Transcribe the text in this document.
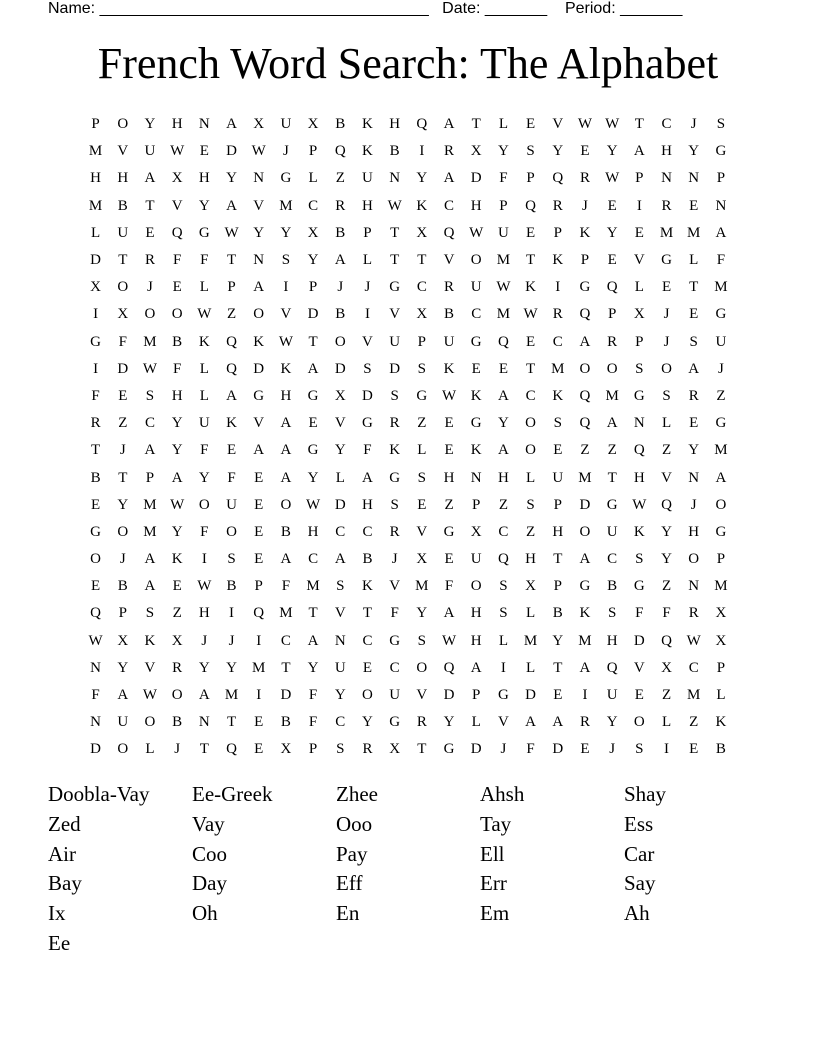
Name: _____________________________________ Date: _______ Period: _______
French Word Search: The Alphabet
P	O	Y	H	N	A	X	U	X	B	K	H	Q	A	T	L	E	V W W	T	C	J	S
M	V	U W	E	D W	J	P	Q	K	B	I	R	X	Y	S	Y	E	Y	A	H	Y	G
H	H	A	X	H	Y	N	G	L	Z	U	N	Y	A	D	F	P	Q	R	W	P	N	N	P
M	B	T	V	Y	A	V	M	C	R	H W K	C	H	P	Q	R	J	E	I	R	E	N
L	U	E	Q	G W Y	Y	X	B	P	T	X	Q W U	E	P	K	Y	E	M M	A
D	T	R	F	F	T	N	S	Y	A	L	T	T	V	O	M	T	K	P	E	V	G	L	F
X	O	J	E	L	P	A	I	P	J	J	G	C	R	U W K	I	G	Q	L	E	T	M
I	X	O	O W	Z	O	V	D	B	I	V	X	B	C	M W	R	Q	P	X	J	E	G
G	F	M	B	K	Q	K W	T	O	V	U	P	U	G	Q	E	C	A	R	P	J	S	U
I	D W	F	L	Q	D	K	A	D	S	D	S	K	E	E	T	M	O	O	S	O	A	J
F	E	S	H	L	A	G	H	G	X	D	S	G W K	A	C	K	Q	M	G	S	R	Z
R	Z	C	Y	U	K	V	A	E	V	G	R	Z	E	G	Y	O	S	Q	A	N	L	E	G
T	J	A	Y	F	E	A	A	G	Y	F	K	L	E	K	A	O	E	Z	Z	Q	Z	Y	M
B	T	P	A	Y	F	E	A	Y	L	A	G	S	H	N	H	L	U	M	T	H	V	N	A
E	Y	M W O	U	E	O W D	H	S	E	Z	P	Z	S	P	D	G W Q	J	O
G	O	M	Y	F	O	E	B	H	C	C	R	V	G	X	C	Z	H	O	U	K	Y	H	G
O	J	A	K	I	S	E	A	C	A	B	J	X	E	U	Q	H	T	A	C	S	Y	O	P
E	B	A	E	W	B	P	F	M	S	K	V	M	F	O	S	X	P	G	B	G	Z	N	M
Q	P	S	Z	H	I	Q	M	T	V	T	F	Y	A	H	S	L	B	K	S	F	F	R	X
W X	K	X	J	J	I	C	A	N	C	G	S	W H	L	M	Y	M	H	D	Q W X
N	Y	V	R	Y	Y	M	T	Y	U	E	C	O	Q	A	I	L	T	A	Q	V	X	C	P
F	A W O	A	M	I	D	F	Y	O	U	V	D	P	G	D	E	I	U	E	Z	M	L
N	U	O	B	N	T	E	B	F	C	Y	G	R	Y	L	V	A	A	R	Y	O	L	Z	K
D	O	L	J	T	Q	E	X	P	S	R	X	T	G	D	J	F	D	E	J	S	I	E	B
Doobla-Vay	Ee-Greek	Zhee	Ahsh	Shay
Zed	Vay	Ooo	Tay	Ess
Air	Coo	Pay	Ell	Car
Bay	Day	Eff	Err	Say
Ix	Oh	En	Em	Ah
Ee
